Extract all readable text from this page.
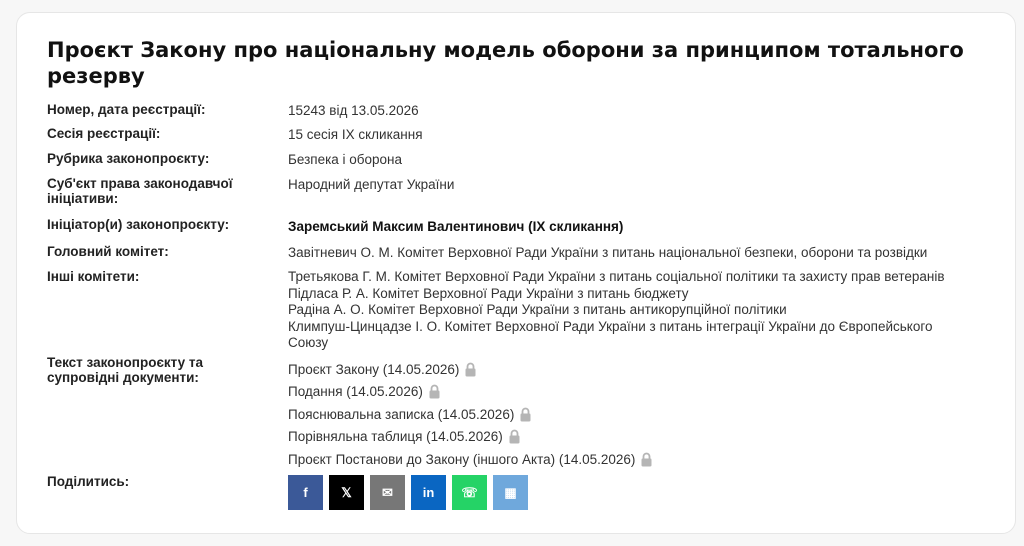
Проєкт Закону про національну модель оборони за принципом тотального резерву
Номер, дата реєстрації:	15243 від 13.05.2026
Сесія реєстрації:	15 сесія IX скликання
Рубрика законопроєкту:	Безпека і оборона
Суб'єкт права законодавчої ініціативи:
Народний депутат України
Ініціатор(и) законопроєкту:	Заремський Максим Валентинович (IX скликання)
Головний комітет:	Завітневич О. М. Комітет Верховної Ради України з питань національної безпеки, оборони та розвідки
Інші комітети:	Третьякова Г. М. Комітет Верховної Ради України з питань соціальної політики та захисту прав ветеранів
Підласа Р. А. Комітет Верховної Ради України з питань бюджету
Радіна А. О. Комітет Верховної Ради України з питань антикорупційної політики
Климпуш-Цинцадзе І. О. Комітет Верховної Ради України з питань інтеграції України до Європейського
Союзу
Текст законопроєкту та супровідні документи:
Проєкт Закону (14.05.2026)
Подання (14.05.2026)
Пояснювальна записка (14.05.2026)
Порівняльна таблиця (14.05.2026)
Проєкт Постанови до Закону (іншого Акта) (14.05.2026)
Поділитись:
f	𝕏 ✉ in ☏ ▦
